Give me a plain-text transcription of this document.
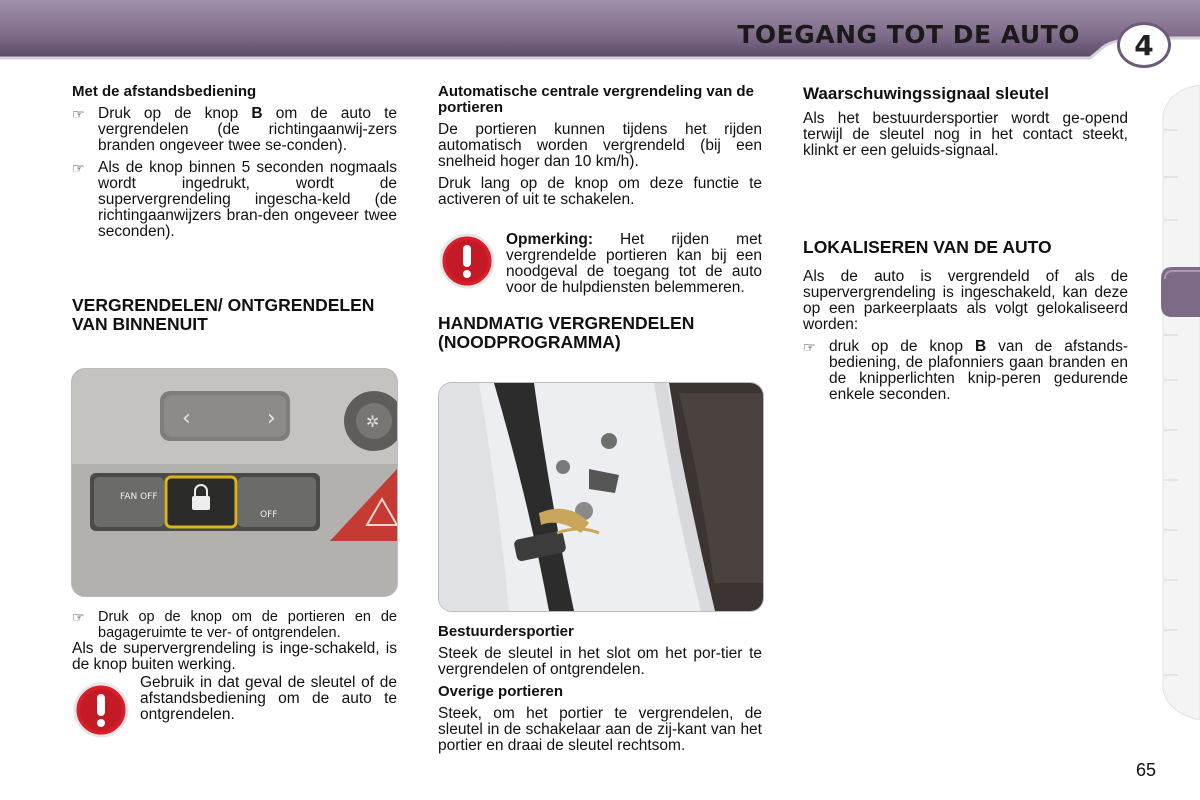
TOEGANG TOT DE AUTO	4
Met de afstandsbediening
☞ Druk op de knop B om de auto te vergrendelen (de richtingaanwij-zers branden ongeveer twee se-conden).
☞ Als de knop binnen 5 seconden nogmaals wordt ingedrukt, wordt de supervergrendeling ingescha-keld (de richtingaanwijzers bran-den ongeveer twee seconden).
VERGRENDELEN/ ONTGRENDELEN VAN BINNENUIT
‹	›	✲
FAN OFF
OFF
☞ Druk op de knop om de portieren en de bagageruimte te ver- of ontgrendelen.

Als de supervergrendeling is inge-schakeld, is de knop buiten werking.

Gebruik in dat geval de sleutel of de afstandsbediening om de auto te ontgrendelen.

Automatische centrale vergrendeling van de portieren

De portieren kunnen tijdens het rijden automatisch worden vergrendeld (bij een snelheid hoger dan 10 km/h).

Druk lang op de knop om deze functie te activeren of uit te schakelen.

Opmerking: Het rijden met vergrendelde portieren kan bij een noodgeval de toegang tot de auto voor de hulpdiensten belemmeren.

HANDMATIG VERGRENDELEN (NOODPROGRAMMA)
Bestuurdersportier

Steek de sleutel in het slot om het por-tier te vergrendelen of ontgrendelen.

Overige portieren

Steek, om het portier te vergrendelen, de sleutel in de schakelaar aan de zij-kant van het portier en draai de sleutel rechtsom.

Waarschuwingssignaal sleutel

Als het bestuurdersportier wordt ge-opend terwijl de sleutel nog in het contact steekt, klinkt er een geluids-signaal.

LOKALISEREN VAN DE AUTO

Als de auto is vergrendeld of als de supervergrendeling is ingeschakeld, kan deze op een parkeerplaats als volgt gelokaliseerd worden:

☞ druk op de knop B van de afstands-bediening, de plafonniers gaan branden en de knipperlichten knip-peren gedurende enkele seconden.
65
